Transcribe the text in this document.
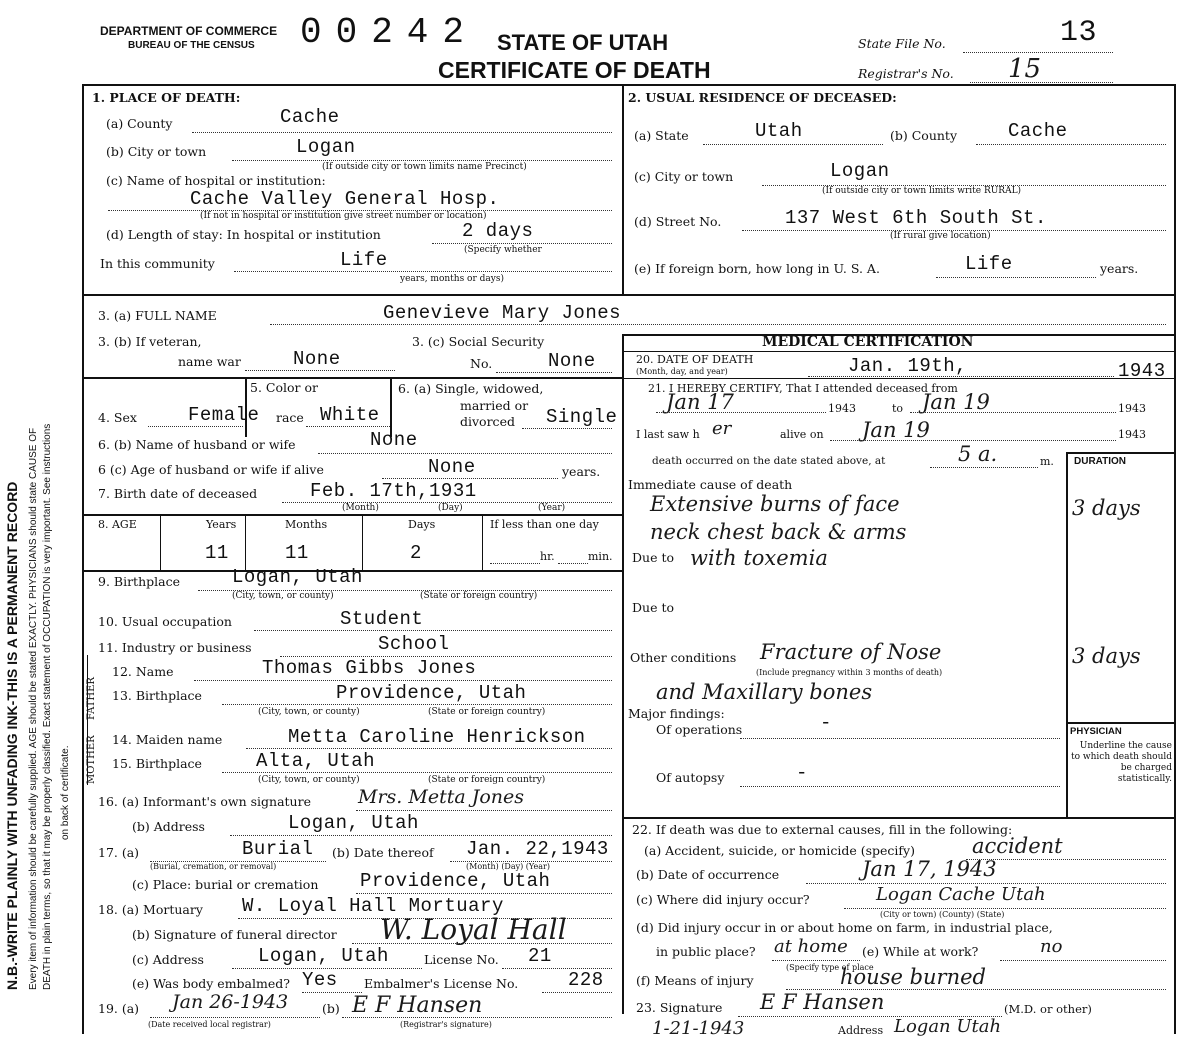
N.B.-WRITE PLAINLY WITH UNFADING INK-THIS IS A PERMANENT RECORD Every item of information should be carefully supplied. AGE should be stated EXACTLY. PHYSICIANS should state CAUSE OF DEATH in plain terms, so that it may be properly classified. Exact statement of OCCUPATION is very important. See instructions on back of certificate.
DEPARTMENT OF COMMERCE
BUREAU OF THE CENSUS 00242 STATE OF UTAH
CERTIFICATE OF DEATH
State File No.	13
Registrar's No. 15
1. PLACE OF DEATH:
(a) County	Cache
(b) City or town	Logan
(If outside city or town limits name Precinct)
(c) Name of hospital or institution:
Cache Valley General Hosp.
(If not in hospital or institution give street number or location)
(d) Length of stay: In hospital or institution	2 days
(Specify whether
In this community	Life
years, months or days)
2. USUAL RESIDENCE OF DECEASED:
(a) State	Utah	(b) County	Cache
(c) City or town	Logan
(If outside city or town limits write RURAL)
(d) Street No.	137 West 6th South St.
(If rural give location)
(e) If foreign born, how long in U. S. A.	Life	years.
3. (a) FULL NAME	Genevieve Mary Jones
3. (b) If veteran,
name war	None
3. (c) Social Security
No.	None
5. Color or	6. (a) Single, widowed,
married or
divorced Single
4. Sex	Female race White
6. (b) Name of husband or wife	None
6 (c) Age of husband or wife if alive	None	years.
7. Birth date of deceased	Feb. 17th,1931
(Month)	(Day)	(Year)
8. AGE	Years	Months	Days	If less than one day
11	11	2	hr.	min.
9. Birthplace	Logan, Utah
(City, town, or county)	(State or foreign country)
10. Usual occupation	Student
11. Industry or business	School
FATHER
MOTHER
12. Name	Thomas Gibbs Jones
13. Birthplace	Providence, Utah
(City, town, or county)	(State or foreign country)
14. Maiden name	Metta Caroline Henrickson
15. Birthplace	Alta, Utah
(City, town, or county)	(State or foreign country)
16. (a) Informant's own signature Mrs. Metta Jones
(b) Address	Logan, Utah
17. (a)	Burial
(Burial, cremation, or removal)
(b) Date thereof Jan. 22,1943
(Month) (Day) (Year)
(c) Place: burial or cremation Providence, Utah
18. (a) Mortuary W. Loyal Hall Mortuary
(b) Signature of funeral director W. Loyal Hall
(c) Address	Logan, Utah	License No. 21
(e) Was body embalmed? Yes Embalmer's License No.	228
19. (a) Jan 26-1943
(Date received local registrar)
(b) E F Hansen
(Registrar's signature)
MEDICAL CERTIFICATION
20. DATE OF DEATH
(Month, day, and year)	Jan. 19th,	1943
21. I HEREBY CERTIFY, That I attended deceased from
Jan 17	1943	to Jan 19	1943
I last saw h er	alive on Jan 19	1943
death occurred on the date stated above, at	5 a.	m. DURATION
Immediate cause of death
Extensive burns of face
neck chest back & arms
3 days
Due to with toxemia
Due to
Other conditions Fracture of Nose
(Include pregnancy within 3 months of death)
and Maxillary bones
3 days
Major findings:
Of operations	-
Of autopsy	-
PHYSICIAN
Underline the cause to which death should be charged statistically.
22. If death was due to external causes, fill in the following:
(a) Accident, suicide, or homicide (specify)	accident
(b) Date of occurrence	Jan 17, 1943
(c) Where did injury occur?	Logan Cache Utah
(City or town) (County) (State)
(d) Did injury occur in or about home on farm, in industrial place,
in public place? at home (e) While at work?	no
(Specify type of place
(f) Means of injury	house burned
23. Signature E F Hansen	(M.D. or other)
1-21-1943	Address Logan Utah
